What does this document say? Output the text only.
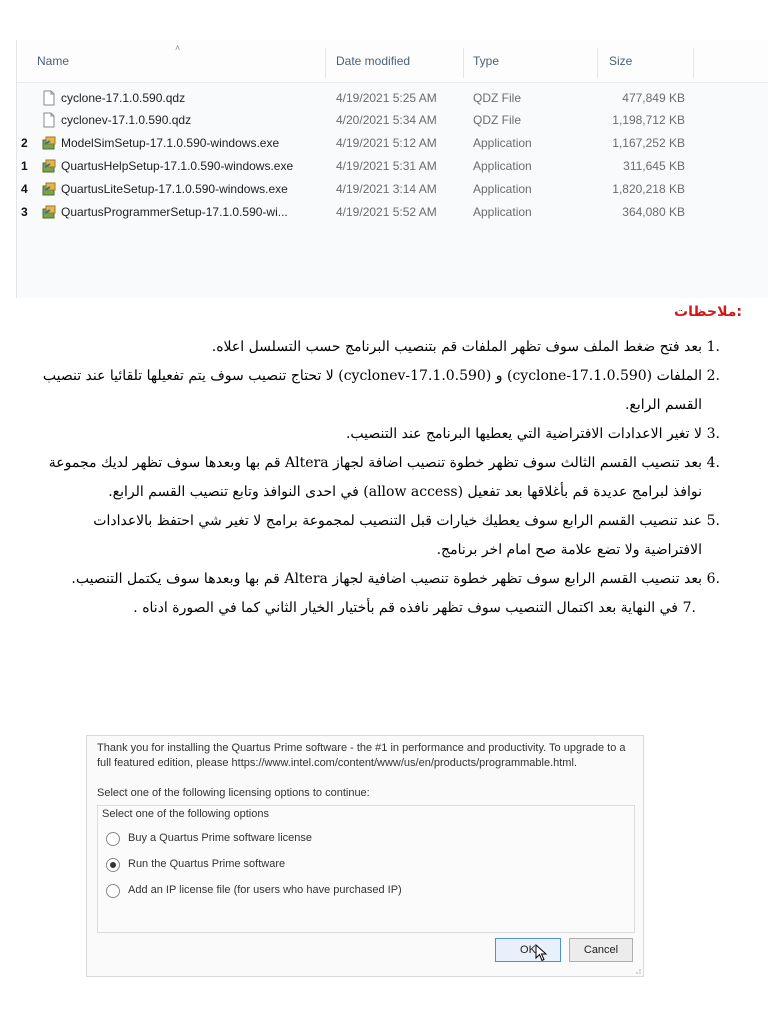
˄
Name	Date modified	Type	Size
cyclone-17.1.0.590.qdz	4/19/2021 5:25 AM	QDZ File	477,849 KB
cyclonev-17.1.0.590.qdz	4/20/2021 5:34 AM	QDZ File	1,198,712 KB
2	ModelSimSetup-17.1.0.590-windows.exe	4/19/2021 5:12 AM	Application	1,167,252 KB
1	QuartusHelpSetup-17.1.0.590-windows.exe	4/19/2021 5:31 AM	Application	311,645 KB
4	QuartusLiteSetup-17.1.0.590-windows.exe	4/19/2021 3:14 AM	Application	1,820,218 KB
3	QuartusProgrammerSetup-17.1.0.590-wi...	4/19/2021 5:52 AM	Application	364,080 KB
ملاحظات:
1.
بعد فتح ضغط الملف سوف تظهر الملفات قم بتنصيب البرنامج حسب التسلسل اعلاه.
2.
الملفات (cyclone-17.1.0.590) و (cyclonev-17.1.0.590) لا تحتاج تنصيب سوف يتم تفعيلها تلقائيا عند تنصيب القسم الرابع.
3.
لا تغير الاعدادات الافتراضية التي يعطيها البرنامج عند التنصيب.
4.
بعد تنصيب القسم الثالث سوف تظهر خطوة تنصيب اضافة لجهاز Altera قم بها وبعدها سوف تظهر لديك مجموعة نوافذ لبرامج عديدة قم بأغلاقها بعد تفعيل (allow access) في احدى النوافذ وتابع تنصيب القسم الرابع.
5.
عند تنصيب القسم الرابع سوف يعطيك خيارات قبل التنصيب لمجموعة برامج لا تغير شي احتفظ بالاعدادات الافتراضية ولا تضع علامة صح امام اخر برنامج.
6.
بعد تنصيب القسم الرابع سوف تظهر خطوة تنصيب اضافية لجهاز Altera قم بها وبعدها سوف يكتمل التنصيب.
7.
في النهاية بعد اكتمال التنصيب سوف تظهر نافذه قم بأختيار الخيار الثاني كما في الصورة ادناه .
Thank you for installing the Quartus Prime software - the #1 in performance and productivity. To upgrade to a full featured edition, please https://www.intel.com/content/www/us/en/products/programmable.html.
Select one of the following licensing options to continue:
Select one of the following options
Buy a Quartus Prime software license
Run the Quartus Prime software
Add an IP license file (for users who have purchased IP)
OK	Cancel
